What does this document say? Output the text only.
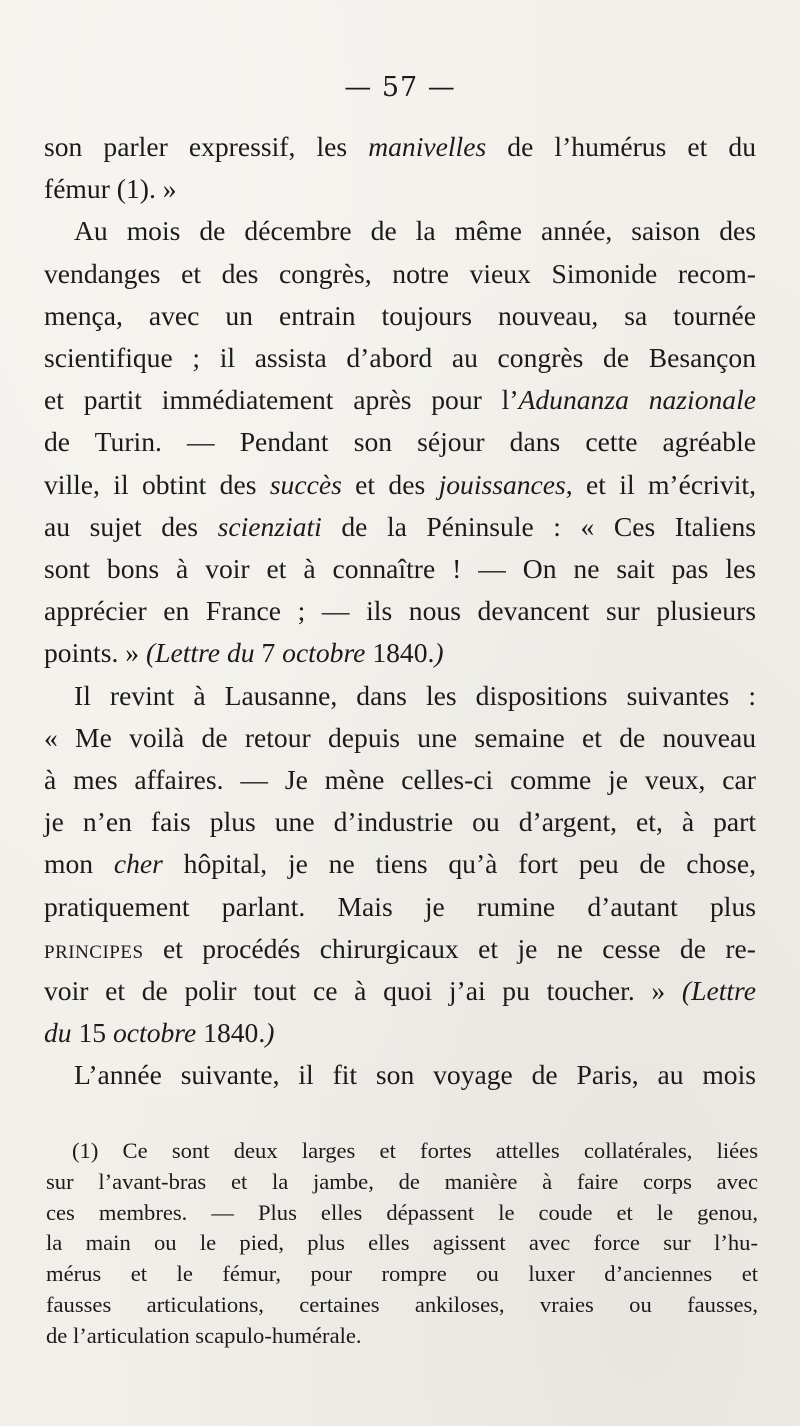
— 57 —
son parler expressif, les manivelles de l’humérus et du
fémur (1). »
Au mois de décembre de la même année, saison des
vendanges et des congrès, notre vieux Simonide recom-
mença, avec un entrain toujours nouveau, sa tournée
scientifique ; il assista d’abord au congrès de Besançon
et partit immédiatement après pour l’Adunanza nazionale
de Turin. — Pendant son séjour dans cette agréable
ville, il obtint des succès et des jouissances, et il m’écrivit,
au sujet des scienziati de la Péninsule : « Ces Italiens
sont bons à voir et à connaître ! — On ne sait pas les
apprécier en France ; — ils nous devancent sur plusieurs
points. » (Lettre du 7 octobre 1840.)
Il revint à Lausanne, dans les dispositions suivantes :
« Me voilà de retour depuis une semaine et de nouveau
à mes affaires. — Je mène celles-ci comme je veux, car
je n’en fais plus une d’industrie ou d’argent, et, à part
mon cher hôpital, je ne tiens qu’à fort peu de chose,
pratiquement parlant. Mais je rumine d’autant plus
principes et procédés chirurgicaux et je ne cesse de re-
voir et de polir tout ce à quoi j’ai pu toucher. » (Lettre
du 15 octobre 1840.)
L’année suivante, il fit son voyage de Paris, au mois
(1) Ce sont deux larges et fortes attelles collatérales, liées
sur l’avant-bras et la jambe, de manière à faire corps avec
ces membres. — Plus elles dépassent le coude et le genou,
la main ou le pied, plus elles agissent avec force sur l’hu-
mérus et le fémur, pour rompre ou luxer d’anciennes et
fausses articulations, certaines ankiloses, vraies ou fausses,
de l’articulation scapulo-humérale.
